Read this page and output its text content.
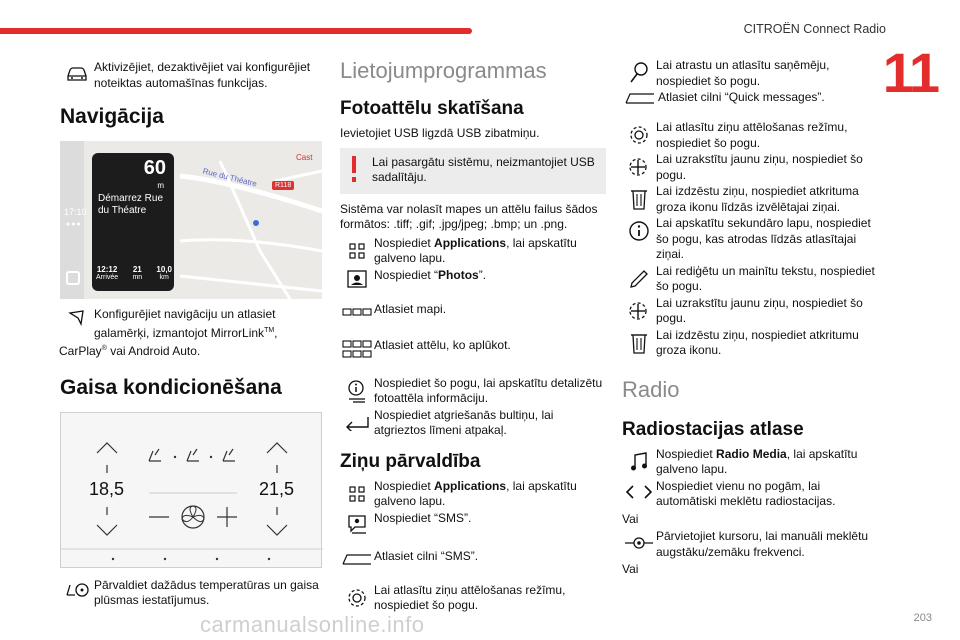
CITROËN Connect Radio
11
203
carmanualsonline.info
Aktivizējiet, dezaktivējiet vai konfigurējiet noteiktas automašīnas funkcijas.
Navigācija
Rue du Théatre	R118
Cast
17:10
●●●
60
m
Démarrez Rue du Théatre
12:12
Arrivée
21
mn
10,0
km
Konfigurējiet navigāciju un atlasiet galamērķi, izmantojot MirrorLink™,
CarPlay® vai Android Auto.
Gaisa kondicionēšana
18,5	21,5
Pārvaldiet dažādus temperatūras un gaisa plūsmas iestatījumus.
Lietojumprogrammas
Fotoattēlu skatīšana

Ievietojiet USB ligzdā USB zibatmiņu.

Lai pasargātu sistēmu, neizmantojiet USB sadalītāju.

Sistēma var nolasīt mapes un attēlu failus šādos formātos: .tiff; .gif; .jpg/jpeg; .bmp; un .png.

Nospiediet Applications, lai apskatītu galveno lapu.
Nospiediet “Photos”.
Atlasiet mapi.
Atlasiet attēlu, ko aplūkot.
Nospiediet šo pogu, lai apskatītu detalizētu fotoattēla informāciju.
Nospiediet atgriešanās bultiņu, lai atgrieztos līmeni atpakaļ.
Ziņu pārvaldība
Nospiediet Applications, lai apskatītu galveno lapu.
Nospiediet “SMS”.
Atlasiet cilni “SMS”.
Lai atlasītu ziņu attēlošanas režīmu, nospiediet šo pogu.
Lai atrastu un atlasītu saņēmēju, nospiediet šo pogu.
Atlasiet cilni “Quick messages”.
Lai atlasītu ziņu attēlošanas režīmu, nospiediet šo pogu.
Lai uzrakstītu jaunu ziņu, nospiediet šo pogu.
Lai izdzēstu ziņu, nospiediet atkrituma groza ikonu līdzās izvēlētajai ziņai.
Lai apskatītu sekundāro lapu, nospiediet šo pogu, kas atrodas līdzās atlasītajai ziņai.
Lai rediģētu un mainītu tekstu, nospiediet šo pogu.
Lai uzrakstītu jaunu ziņu, nospiediet šo pogu.
Lai izdzēstu ziņu, nospiediet atkritumu groza ikonu.
Radio
Radiostacijas atlase
Nospiediet Radio Media, lai apskatītu galveno lapu.
Nospiediet vienu no pogām, lai automātiski meklētu radiostacijas.

Vai

Pārvietojiet kursoru, lai manuāli meklētu augstāku/zemāku frekvenci.

Vai
